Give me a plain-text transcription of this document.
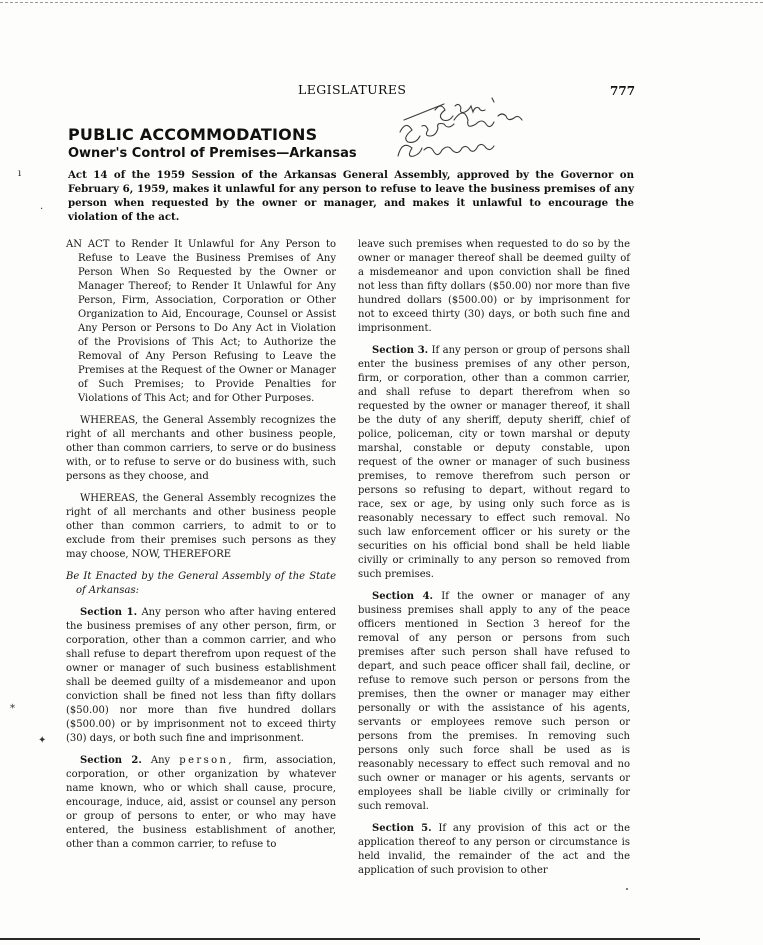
LEGISLATURES	777
PUBLIC ACCOMMODATIONS
Owner's Control of Premises—Arkansas
ı
·
⁎
✦
Act 14 of the 1959 Session of the Arkansas General Assembly, approved by the Governor on February 6, 1959, makes it unlawful for any person to refuse to leave the business premises of any person when requested by the owner or manager, and makes it unlawful to encourage the violation of the act.

AN ACT to Render It Unlawful for Any Person to Refuse to Leave the Business Premises of Any Person When So Requested by the Owner or Manager Thereof; to Render It Unlawful for Any Person, Firm, Association, Corporation or Other Organization to Aid, Encourage, Counsel or Assist Any Person or Persons to Do Any Act in Violation of the Provisions of This Act; to Authorize the Removal of Any Person Refusing to Leave the Premises at the Request of the Owner or Manager of Such Premises; to Provide Penalties for Violations of This Act; and for Other Purposes.

WHEREAS, the General Assembly recognizes the right of all merchants and other business people, other than common carriers, to serve or do business with, or to refuse to serve or do business with, such persons as they choose, and

WHEREAS, the General Assembly recognizes the right of all merchants and other business people other than common carriers, to admit to or to exclude from their premises such persons as they may choose, NOW, THEREFORE

Be It Enacted by the General Assembly of the State of Arkansas:

Section 1. Any person who after having entered the business premises of any other person, firm, or corporation, other than a common carrier, and who shall refuse to depart therefrom upon request of the owner or manager of such business establishment shall be deemed guilty of a misdemeanor and upon conviction shall be fined not less than fifty dollars ($50.00) nor more than five hundred dollars ($500.00) or by imprisonment not to exceed thirty (30) days, or both such fine and imprisonment.

Section 2. Any person, firm, association, corporation, or other organization by whatever name known, who or which shall cause, procure, encourage, induce, aid, assist or counsel any person or group of persons to enter, or who may have entered, the business establishment of another, other than a common carrier, to refuse to

leave such premises when requested to do so by the owner or manager thereof shall be deemed guilty of a misdemeanor and upon conviction shall be fined not less than fifty dollars ($50.00) nor more than five hundred dollars ($500.00) or by imprisonment for not to exceed thirty (30) days, or both such fine and imprisonment.

Section 3. If any person or group of persons shall enter the business premises of any other person, firm, or corporation, other than a common carrier, and shall refuse to depart therefrom when so requested by the owner or manager thereof, it shall be the duty of any sheriff, deputy sheriff, chief of police, policeman, city or town marshal or deputy marshal, constable or deputy constable, upon request of the owner or manager of such business premises, to remove therefrom such person or persons so refusing to depart, without regard to race, sex or age, by using only such force as is reasonably necessary to effect such removal. No such law enforcement officer or his surety or the securities on his official bond shall be held liable civilly or criminally to any person so removed from such premises.

Section 4. If the owner or manager of any business premises shall apply to any of the peace officers mentioned in Section 3 hereof for the removal of any person or persons from such premises after such person shall have refused to depart, and such peace officer shall fail, decline, or refuse to remove such person or persons from the premises, then the owner or manager may either personally or with the assistance of his agents, servants or employees remove such person or persons from the premises. In removing such persons only such force shall be used as is reasonably necessary to effect such removal and no such owner or manager or his agents, servants or employees shall be liable civilly or criminally for such removal.

Section 5. If any provision of this act or the application thereof to any person or circumstance is held invalid, the remainder of the act and the application of such provision to other
